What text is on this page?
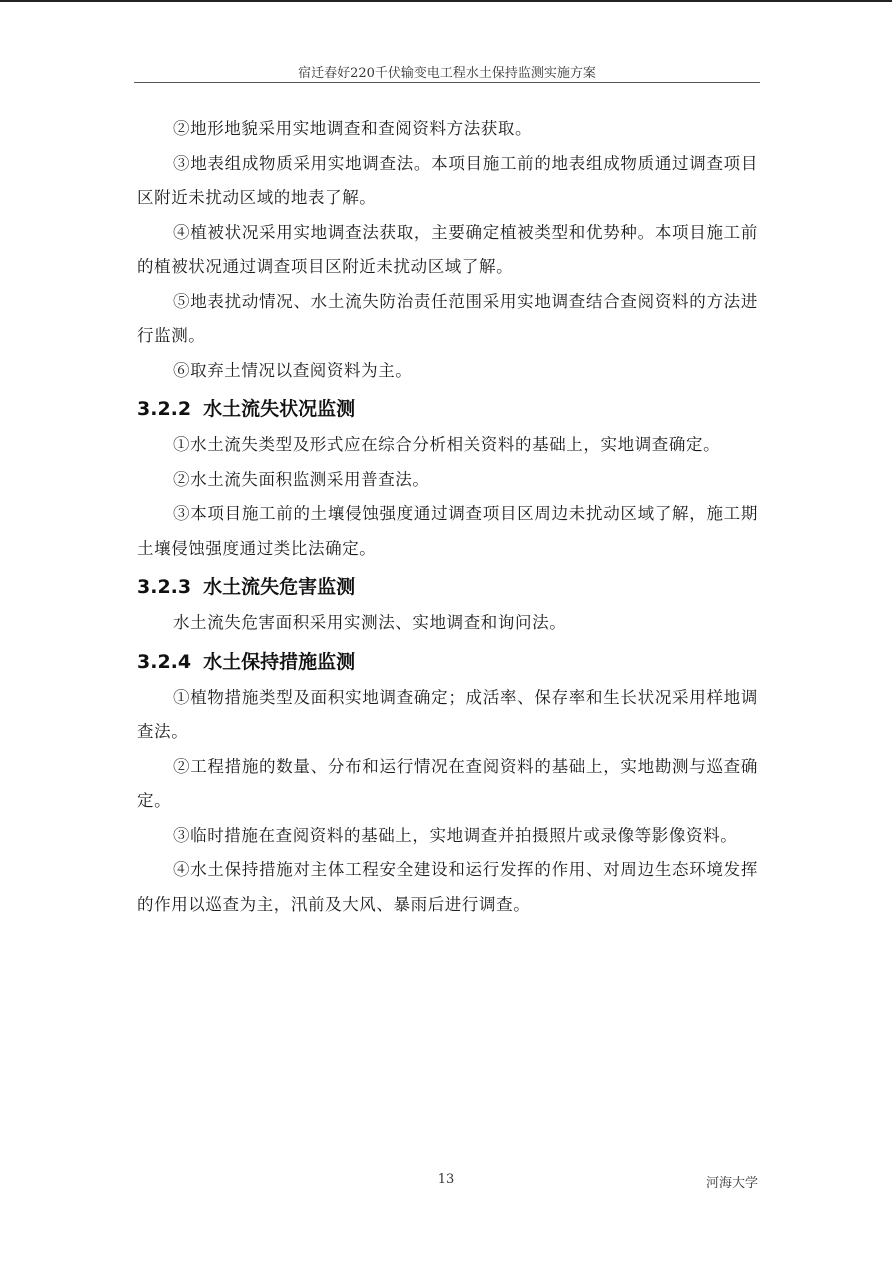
宿迁春好220千伏输变电工程水土保持监测实施方案

②地形地貌采用实地调查和查阅资料方法获取。

③地表组成物质采用实地调查法。本项目施工前的地表组成物质通过调查项目区附近未扰动区域的地表了解。

④植被状况采用实地调查法获取，主要确定植被类型和优势种。本项目施工前的植被状况通过调查项目区附近未扰动区域了解。

⑤地表扰动情况、水土流失防治责任范围采用实地调查结合查阅资料的方法进行监测。

⑥取弃土情况以查阅资料为主。

3.2.2 水土流失状况监测

①水土流失类型及形式应在综合分析相关资料的基础上，实地调查确定。

②水土流失面积监测采用普查法。

③本项目施工前的土壤侵蚀强度通过调查项目区周边未扰动区域了解，施工期土壤侵蚀强度通过类比法确定。

3.2.3 水土流失危害监测

水土流失危害面积采用实测法、实地调查和询问法。

3.2.4 水土保持措施监测

①植物措施类型及面积实地调查确定；成活率、保存率和生长状况采用样地调查法。

②工程措施的数量、分布和运行情况在查阅资料的基础上，实地勘测与巡查确定。

③临时措施在查阅资料的基础上，实地调查并拍摄照片或录像等影像资料。

④水土保持措施对主体工程安全建设和运行发挥的作用、对周边生态环境发挥的作用以巡查为主，汛前及大风、暴雨后进行调查。

13	河海大学
